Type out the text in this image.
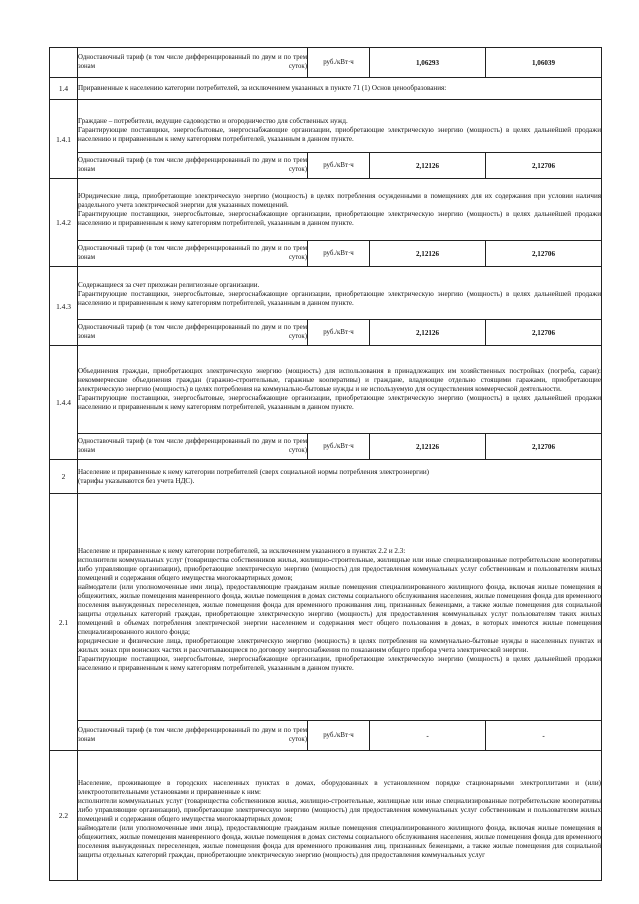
	Одноставочный тариф (в том числе дифференцированный по двум и по трем зонам суток)	руб./кВт·ч	1,06293	1,06039
1.4	Приравненные к населению категории потребителей, за исключением указанных в пункте 71 (1) Основ ценообразования:			
1.4.1	Граждане – потребители, ведущие садоводство и огородничество для собственных нужд.
Гарантирующие поставщики, энергосбытовые, энергоснабжающие организации, приобретающие электрическую энергию (мощность) в целях дальнейшей продажи населению и приравненным к нему категориям потребителей, указанным в данном пункте.			

	Одноставочный тариф (в том числе дифференцированный по двум и по трем зонам суток)	руб./кВт·ч	2,12126	2,12706
1.4.2	Юридические лица, приобретающие электрическую энергию (мощность) в целях потребления осужденными в помещениях для их содержания при условии наличия раздельного учета электрической энергии для указанных помещений.
Гарантирующие поставщики, энергосбытовые, энергоснабжающие организации, приобретающие электрическую энергию (мощность) в целях дальнейшей продажи населению и приравненным к нему категориям потребителей, указанным в данном пункте.			

	Одноставочный тариф (в том числе дифференцированный по двум и по трем зонам суток)	руб./кВт·ч	2,12126	2,12706
1.4.3	Содержащиеся за счет прихожан религиозные организации.
Гарантирующие поставщики, энергосбытовые, энергоснабжающие организации, приобретающие электрическую энергию (мощность) в целях дальнейшей продажи населению и приравненным к нему категориям потребителей, указанным в данном пункте.			

	Одноставочный тариф (в том числе дифференцированный по двум и по трем зонам суток)	руб./кВт·ч	2,12126	2,12706
1.4.4	Объединения граждан, приобретающих электрическую энергию (мощность) для использования в принадлежащих им хозяйственных постройках (погреба, сараи): некоммерческие объединения граждан (гаражно-строительные, гаражные кооперативы) и граждане, владеющие отдельно стоящими гаражами, приобретающие электрическую энергию (мощность) в целях потребления на коммунально-бытовые нужды и не используемую для осуществления коммерческой деятельности.
Гарантирующие поставщики, энергосбытовые, энергоснабжающие организации, приобретающие электрическую энергию (мощность) в целях дальнейшей продажи населению и приравненным к нему категориям потребителей, указанным в данном пункте.			

	Одноставочный тариф (в том числе дифференцированный по двум и по трем зонам суток)	руб./кВт·ч	2,12126	2,12706
2	Население и приравненные к нему категории потребителей (сверх социальной нормы потребления электроэнергии)
(тарифы указываются без учета НДС).			

2.1	Население и приравненные к нему категории потребителей, за исключением указанного в пунктах 2.2 и 2.3:
исполнители коммунальных услуг (товарищества собственников жилья, жилищно-строительные, жилищные или иные специализированные потребительские кооперативы либо управляющие организации), приобретающие электрическую энергию (мощность) для предоставления коммунальных услуг собственникам и пользователям жилых помещений и содержания общего имущества многоквартирных домов;
наймодатели (или уполномоченные ими лица), предоставляющие гражданам жилые помещения специализированного жилищного фонда, включая жилые помещения в общежитиях, жилые помещения маневренного фонда, жилые помещения в домах системы социального обслуживания населения, жилые помещения фонда для временного поселения вынужденных переселенцев, жилые помещения фонда для временного проживания лиц, признанных беженцами, а также жилые помещения для социальной защиты отдельных категорий граждан, приобретающие электрическую энергию (мощность) для предоставления коммунальных услуг пользователям таких жилых помещений в объемах потребления электрической энергии населением и содержания мест общего пользования в домах, в которых имеются жилые помещения специализированного жилого фонда;
юридические и физические лица, приобретающие электрическую энергию (мощность) в целях потребления на коммунально-бытовые нужды в населенных пунктах и жилых зонах при воинских частях и рассчитывающиеся по договору энергоснабжения по показаниям общего прибора учета электрической энергии.
Гарантирующие поставщики, энергосбытовые, энергоснабжающие организации, приобретающие электрическую энергию (мощность) в целях дальнейшей продажи населению и приравненным к нему категориям потребителей, указанным в данном пункте.			

	Одноставочный тариф (в том числе дифференцированный по двум и по трем зонам суток)	руб./кВт·ч	-	-
2.2	Население, проживающее в городских населенных пунктах в домах, оборудованных в установленном порядке стационарными электроплитами и (или) электроотопительными установками и приравненные к ним:
исполнители коммунальных услуг (товарищества собственников жилья, жилищно-строительные, жилищные или иные специализированные потребительские кооперативы либо управляющие организации), приобретающие электрическую энергию (мощность) для предоставления коммунальных услуг собственникам и пользователям жилых помещений и содержания общего имущества многоквартирных домов;
наймодатели (или уполномоченные ими лица), предоставляющие гражданам жилые помещения специализированного жилищного фонда, включая жилые помещения в общежитиях, жилые помещения маневренного фонда, жилые помещения в домах системы социального обслуживания населения, жилые помещения фонда для временного поселения вынужденных переселенцев, жилые помещения фонда для временного проживания лиц, признанных беженцами, а также жилые помещения для социальной защиты отдельных категорий граждан, приобретающие электрическую энергию (мощность) для предоставления коммунальных услуг			
